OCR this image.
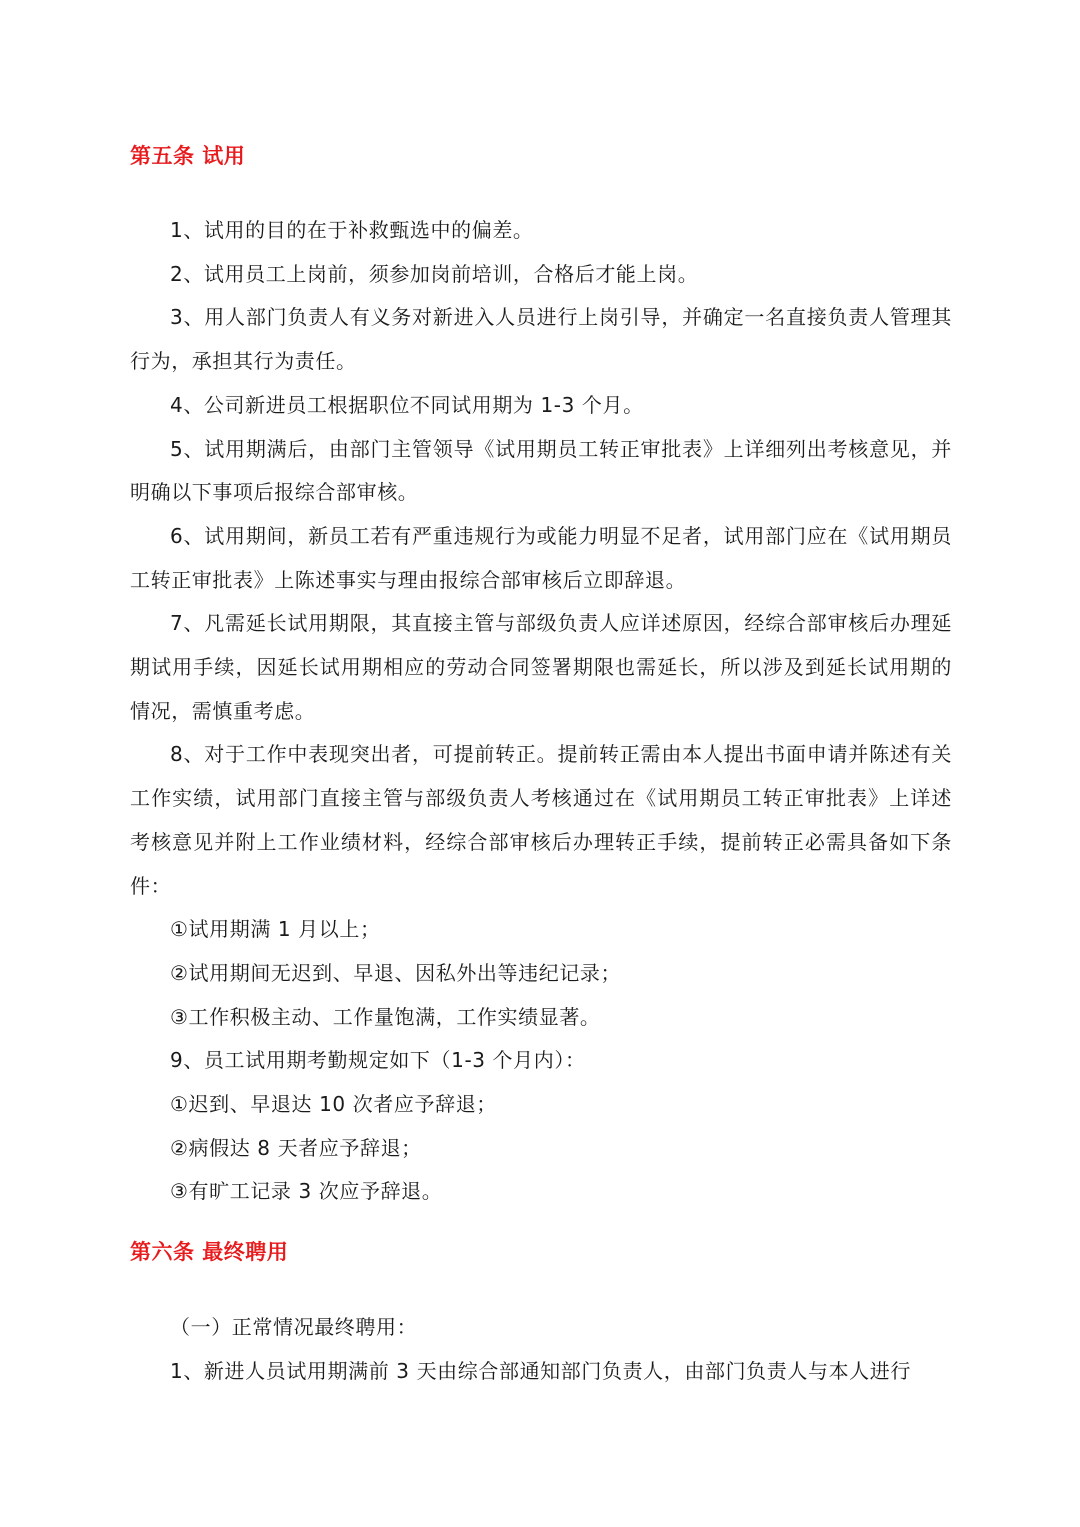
第五条 试用

1、试用的目的在于补救甄选中的偏差。

2、试用员工上岗前，须参加岗前培训，合格后才能上岗。

3、用人部门负责人有义务对新进入人员进行上岗引导，并确定一名直接负责人管理其行为，承担其行为责任。

4、公司新进员工根据职位不同试用期为 1-3 个月。

5、试用期满后，由部门主管领导《试用期员工转正审批表》上详细列出考核意见，并明确以下事项后报综合部审核。

6、试用期间，新员工若有严重违规行为或能力明显不足者，试用部门应在《试用期员工转正审批表》上陈述事实与理由报综合部审核后立即辞退。

7、凡需延长试用期限，其直接主管与部级负责人应详述原因，经综合部审核后办理延期试用手续，因延长试用期相应的劳动合同签署期限也需延长，所以涉及到延长试用期的情况，需慎重考虑。

8、对于工作中表现突出者，可提前转正。提前转正需由本人提出书面申请并陈述有关工作实绩，试用部门直接主管与部级负责人考核通过在《试用期员工转正审批表》上详述考核意见并附上工作业绩材料，经综合部审核后办理转正手续，提前转正必需具备如下条件：

①试用期满 1 月以上；

②试用期间无迟到、早退、因私外出等违纪记录；

③工作积极主动、工作量饱满，工作实绩显著。

9、员工试用期考勤规定如下（1-3 个月内）：

①迟到、早退达 10 次者应予辞退；

②病假达 8 天者应予辞退；

③有旷工记录 3 次应予辞退。

第六条 最终聘用

（一）正常情况最终聘用：

1、新进人员试用期满前 3 天由综合部通知部门负责人，由部门负责人与本人进行
